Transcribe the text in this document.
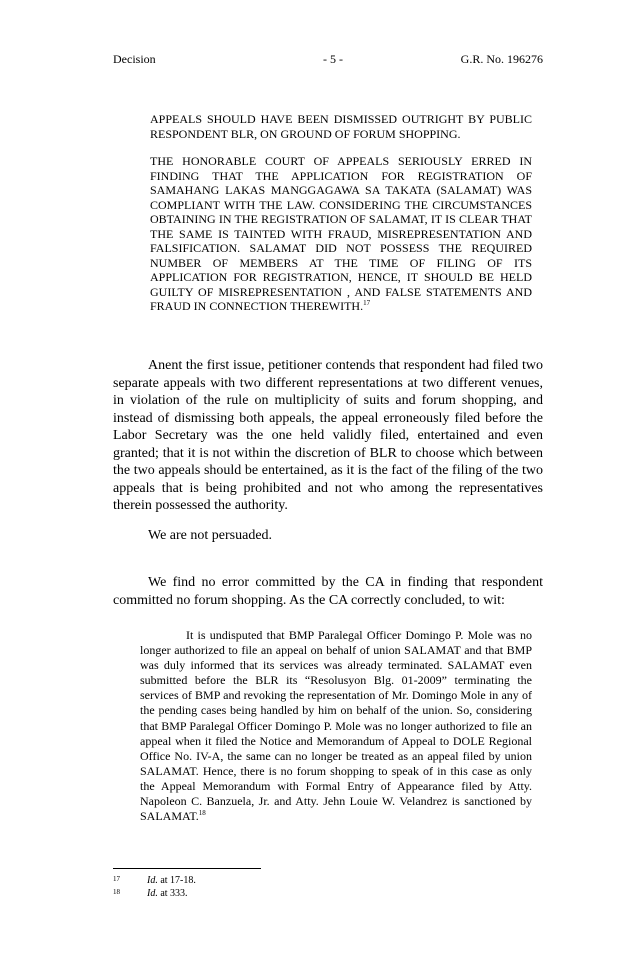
Decision	- 5 -	G.R. No. 196276
APPEALS SHOULD HAVE BEEN DISMISSED OUTRIGHT BY PUBLIC RESPONDENT BLR, ON GROUND OF FORUM SHOPPING.
THE HONORABLE COURT OF APPEALS SERIOUSLY ERRED IN FINDING THAT THE APPLICATION FOR REGISTRATION OF SAMAHANG LAKAS MANGGAGAWA SA TAKATA (SALAMAT) WAS COMPLIANT WITH THE LAW. CONSIDERING THE CIRCUMSTANCES OBTAINING IN THE REGISTRATION OF SALAMAT, IT IS CLEAR THAT THE SAME IS TAINTED WITH FRAUD, MISREPRESENTATION AND FALSIFICATION. SALAMAT DID NOT POSSESS THE REQUIRED NUMBER OF MEMBERS AT THE TIME OF FILING OF ITS APPLICATION FOR REGISTRATION, HENCE, IT SHOULD BE HELD GUILTY OF MISREPRESENTATION , AND FALSE STATEMENTS AND FRAUD IN CONNECTION THEREWITH.$^{17}$

Anent the first issue, petitioner contends that respondent had filed two separate appeals with two different representations at two different venues, in violation of the rule on multiplicity of suits and forum shopping, and instead of dismissing both appeals, the appeal erroneously filed before the Labor Secretary was the one held validly filed, entertained and even granted; that it is not within the discretion of BLR to choose which between the two appeals should be entertained, as it is the fact of the filing of the two appeals that is being prohibited and not who among the representatives therein possessed the authority.

We are not persuaded.

We find no error committed by the CA in finding that respondent committed no forum shopping. As the CA correctly concluded, to wit:

It is undisputed that BMP Paralegal Officer Domingo P. Mole was no longer authorized to file an appeal on behalf of union SALAMAT and that BMP was duly informed that its services was already terminated. SALAMAT even submitted before the BLR its “Resolusyon Blg. 01-2009” terminating the services of BMP and revoking the representation of Mr. Domingo Mole in any of the pending cases being handled by him on behalf of the union. So, considering that BMP Paralegal Officer Domingo P. Mole was no longer authorized to file an appeal when it filed the Notice and Memorandum of Appeal to DOLE Regional Office No. IV-A, the same can no longer be treated as an appeal filed by union SALAMAT. Hence, there is no forum shopping to speak of in this case as only the Appeal Memorandum with Formal Entry of Appearance filed by Atty. Napoleon C. Banzuela, Jr. and Atty. Jehn Louie W. Velandrez is sanctioned by SALAMAT.$^{18}$

17	Id. at 17-18.
18	Id. at 333.
